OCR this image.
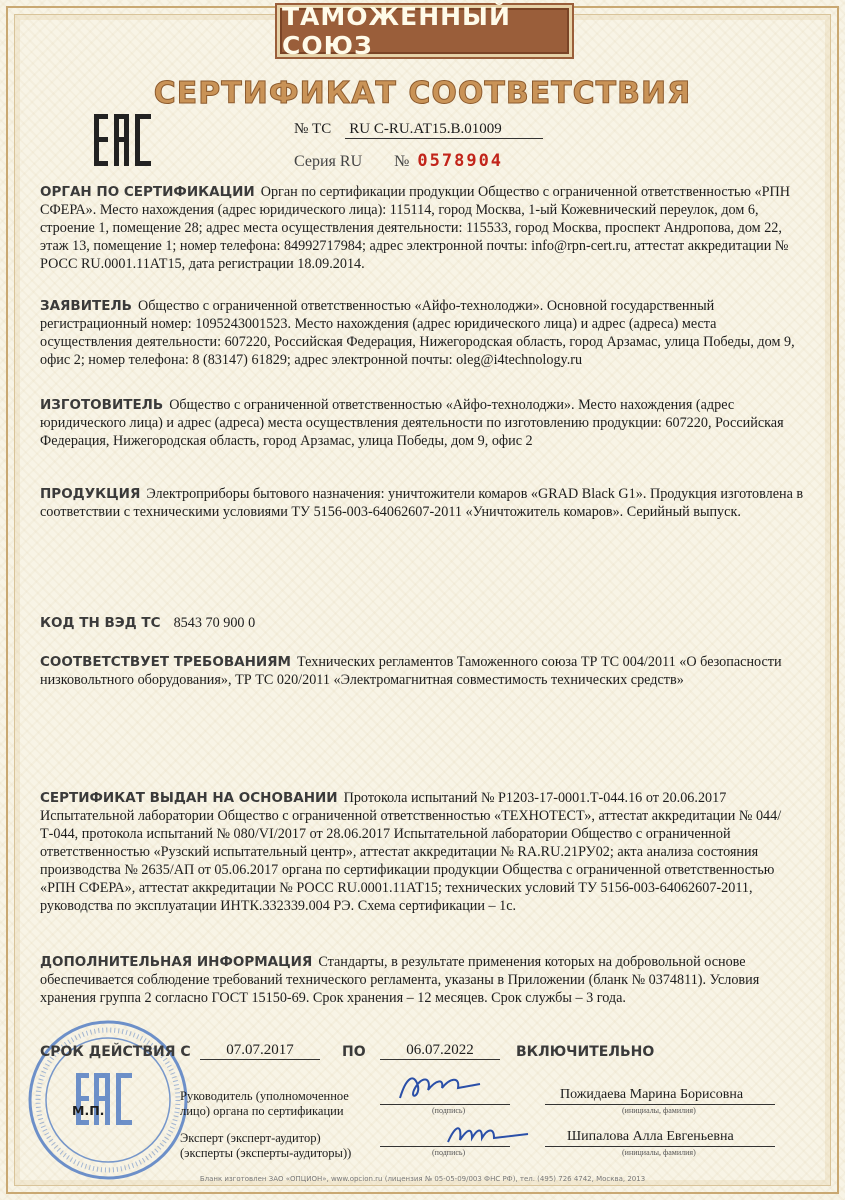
ТАМОЖЕННЫЙ СОЮЗ
СЕРТИФИКАТ СООТВЕТСТВИЯ
№ ТС RU C-RU.AT15.B.01009
Серия RU № 0578904
ОРГАН ПО СЕРТИФИКАЦИИ Орган по сертификации продукции Общество с ограниченной ответственностью «РПН СФЕРА». Место нахождения (адрес юридического лица): 115114, город Москва, 1-ый Кожевнический переулок, дом 6, строение 1, помещение 28; адрес места осуществления деятельности: 115533, город Москва, проспект Андропова, дом 22, этаж 13, помещение 1; номер телефона: 84992717984; адрес электронной почты: info@rpn-cert.ru, аттестат аккредитации № РОСС RU.0001.11АТ15, дата регистрации 18.09.2014.
ЗАЯВИТЕЛЬ Общество с ограниченной ответственностью «Айфо-технолоджи». Основной государственный регистрационный номер: 1095243001523. Место нахождения (адрес юридического лица) и адрес (адреса) места осуществления деятельности: 607220, Российская Федерация, Нижегородская область, город Арзамас, улица Победы, дом 9, офис 2; номер телефона: 8 (83147) 61829; адрес электронной почты: oleg@i4technology.ru
ИЗГОТОВИТЕЛЬ Общество с ограниченной ответственностью «Айфо-технолоджи». Место нахождения (адрес юридического лица) и адрес (адреса) места осуществления деятельности по изготовлению продукции: 607220, Российская Федерация, Нижегородская область, город Арзамас, улица Победы, дом 9, офис 2
ПРОДУКЦИЯ Электроприборы бытового назначения: уничтожители комаров «GRAD Black G1». Продукция изготовлена в соответствии с техническими условиями ТУ 5156-003-64062607-2011 «Уничтожитель комаров». Серийный выпуск.
КОД ТН ВЭД ТС 8543 70 900 0
СООТВЕТСТВУЕТ ТРЕБОВАНИЯМ Технических регламентов Таможенного союза ТР ТС 004/2011 «О безопасности низковольтного оборудования», ТР ТС 020/2011 «Электромагнитная совместимость технических средств»
СЕРТИФИКАТ ВЫДАН НА ОСНОВАНИИ Протокола испытаний № Р1203-17-0001.Т-044.16 от 20.06.2017 Испытательной лаборатории Общество с ограниченной ответственностью «ТЕХНОТЕСТ», аттестат аккредитации № 044/Т-044, протокола испытаний № 080/VI/2017 от 28.06.2017 Испытательной лаборатории Общество с ограниченной ответственностью «Рузский испытательный центр», аттестат аккредитации № RA.RU.21РУ02; акта анализа состояния производства № 2635/АП от 05.06.2017 органа по сертификации продукции Общества с ограниченной ответственностью «РПН СФЕРА», аттестат аккредитации № РОСС RU.0001.11АТ15; технических условий ТУ 5156-003-64062607-2011, руководства по эксплуатации ИНТК.332339.004 РЭ. Схема сертификации – 1с.
ДОПОЛНИТЕЛЬНАЯ ИНФОРМАЦИЯ Стандарты, в результате применения которых на добровольной основе обеспечивается соблюдение требований технического регламента, указаны в Приложении (бланк № 0374811). Условия хранения группа 2 согласно ГОСТ 15150-69. Срок хранения – 12 месяцев. Срок службы – 3 года.
М.П.
СРОК ДЕЙСТВИЯ С	07.07.2017	ПО	06.07.2022	ВКЛЮЧИТЕЛЬНО
Руководитель (уполномоченное
лицо) органа по сертификации	(подпись)
Пожидаева Марина Борисовна
(инициалы, фамилия)
Эксперт (эксперт-аудитор)
(эксперты (эксперты-аудиторы))	(подпись)
Шипалова Алла Евгеньевна
(инициалы, фамилия)
Бланк изготовлен ЗАО «ОПЦИОН», www.opcion.ru (лицензия № 05-05-09/003 ФНС РФ), тел. (495) 726 4742, Москва, 2013
